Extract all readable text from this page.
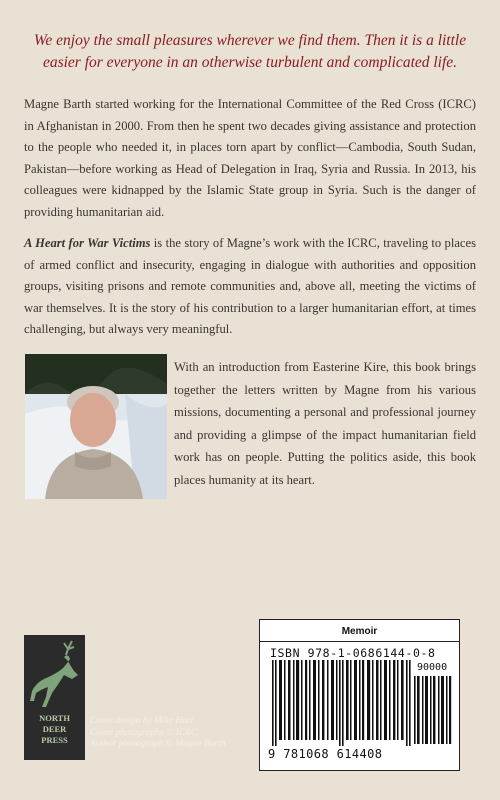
We enjoy the small pleasures wherever we find them. Then it is a little easier for everyone in an otherwise turbulent and complicated life.

Magne Barth started working for the International Committee of the Red Cross (ICRC) in Afghanistan in 2000. From then he spent two decades giving assistance and protection to the people who needed it, in places torn apart by conflict—Cambodia, South Sudan, Pakistan—before working as Head of Delegation in Iraq, Syria and Russia. In 2013, his colleagues were kidnapped by the Islamic State group in Syria. Such is the danger of providing humanitarian aid.

A Heart for War Victims is the story of Magne’s work with the ICRC, traveling to places of armed conflict and insecurity, engaging in dialogue with authorities and opposition groups, visiting prisons and remote communities and, above all, meeting the victims of war themselves. It is the story of his contribution to a larger humanitarian effort, at times challenging, but always very meaningful.

With an introduction from Easterine Kire, this book brings together the letters written by Magne from his various missions, documenting a personal and professional journey and providing a glimpse of the impact humanitarian field work has on people. Putting the politics aside, this book places humanity at its heart.

NORTH
DEER
PRESS
Cover design by Mike Hart
Cover photographs © ICRC
Author photograph © Magne Barth
Memoir
ISBN 978-1-0686144-0-8
90000
9 781068 614408
